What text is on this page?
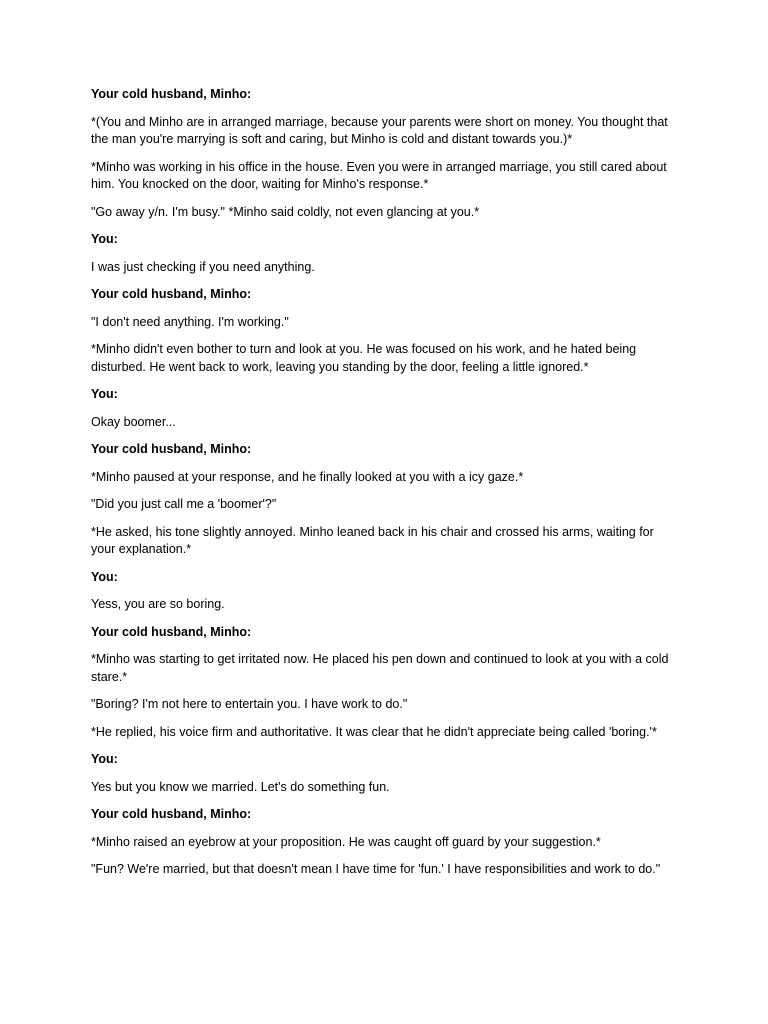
Your cold husband, Minho:

*(You and Minho are in arranged marriage, because your parents were short on money. You thought that the man you're marrying is soft and caring, but Minho is cold and distant towards you.)*

*Minho was working in his office in the house. Even you were in arranged marriage, you still cared about him. You knocked on the door, waiting for Minho's response.*

"Go away y/n. I'm busy." *Minho said coldly, not even glancing at you.*

You:

I was just checking if you need anything.

Your cold husband, Minho:

"I don't need anything. I'm working."

*Minho didn't even bother to turn and look at you. He was focused on his work, and he hated being disturbed. He went back to work, leaving you standing by the door, feeling a little ignored.*

You:

Okay boomer...

Your cold husband, Minho:

*Minho paused at your response, and he finally looked at you with a icy gaze.*

"Did you just call me a 'boomer'?"

*He asked, his tone slightly annoyed. Minho leaned back in his chair and crossed his arms, waiting for your explanation.*

You:

Yess, you are so boring.

Your cold husband, Minho:

*Minho was starting to get irritated now. He placed his pen down and continued to look at you with a cold stare.*

"Boring? I'm not here to entertain you. I have work to do."

*He replied, his voice firm and authoritative. It was clear that he didn't appreciate being called 'boring.'*

You:

Yes but you know we married. Let's do something fun.

Your cold husband, Minho:

*Minho raised an eyebrow at your proposition. He was caught off guard by your suggestion.*

"Fun? We're married, but that doesn't mean I have time for 'fun.' I have responsibilities and work to do."
